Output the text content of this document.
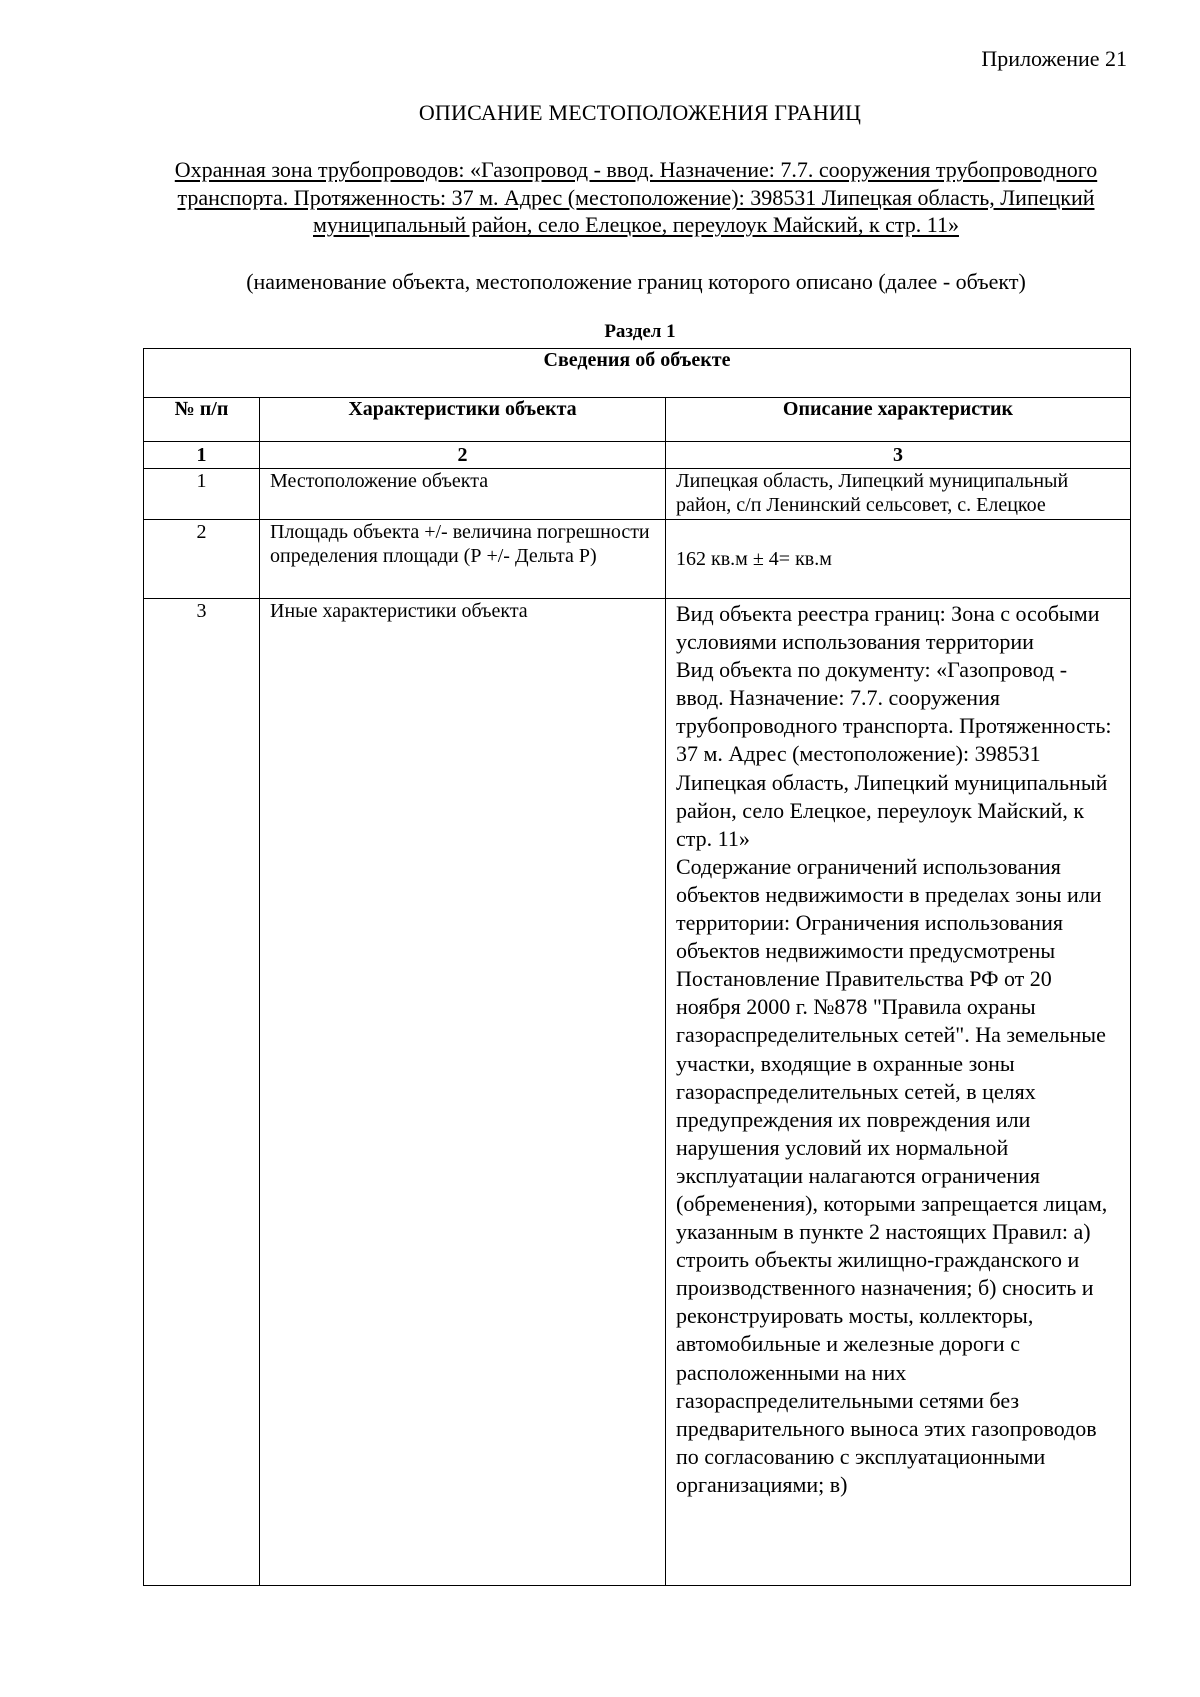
Приложение 21
ОПИСАНИЕ МЕСТОПОЛОЖЕНИЯ ГРАНИЦ
Охранная зона трубопроводов: «Газопровод - ввод. Назначение: 7.7. сооружения трубопроводного транспорта. Протяженность: 37 м. Адрес (местоположение): 398531 Липецкая область, Липецкий муниципальный район, село Елецкое, переулоук Майский, к стр. 11»
(наименование объекта, местоположение границ которого описано (далее - объект)
Раздел 1
Сведения об объекте		
№ п/п	Характеристики объекта	Описание характеристик
1	2	3
1	Местоположение объекта	Липецкая область, Липецкий муниципальный район, с/п Ленинский сельсовет, с. Елецкое
2	Площадь объекта +/- величина погрешности определения площади (Р +/- Дельта Р)	162 кв.м ± 4= кв.м
3	Иные характеристики объекта	Вид объекта реестра границ: Зона с особыми условиями использования территории
Вид объекта по документу: «Газопровод - ввод. Назначение: 7.7. сооружения трубопроводного транспорта. Протяженность: 37 м. Адрес (местоположение): 398531 Липецкая область, Липецкий муниципальный район, село Елецкое, переулоук Майский, к стр. 11»
Содержание ограничений использования объектов недвижимости в пределах зоны или территории: Ограничения использования объектов недвижимости предусмотрены Постановление Правительства РФ от 20 ноября 2000 г. №878 "Правила охраны газораспределительных сетей". На земельные участки, входящие в охранные зоны газораспределительных сетей, в целях предупреждения их повреждения или нарушения условий их нормальной эксплуатации налагаются ограничения (обременения), которыми запрещается лицам, указанным в пункте 2 настоящих Правил: а) строить объекты жилищно-гражданского и производственного назначения; б) сносить и реконструировать мосты, коллекторы, автомобильные и железные дороги с расположенными на них газораспределительными сетями без предварительного выноса этих газопроводов по согласованию с эксплуатационными организациями; в)
